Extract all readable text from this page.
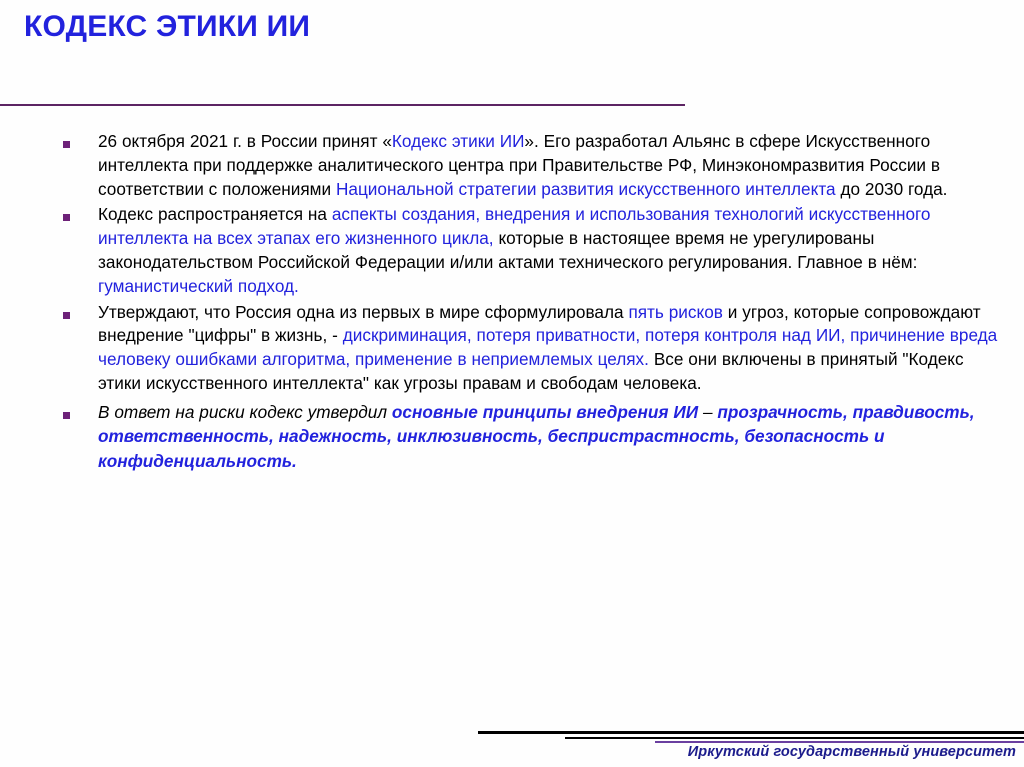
КОДЕКС ЭТИКИ ИИ
26 октября 2021 г. в России принят «Кодекс этики ИИ». Его разработал Альянс в сфере Искусственного интеллекта при поддержке аналитического центра при Правительстве РФ, Минэкономразвития России в соответствии с положениями Национальной стратегии развития искусственного интеллекта до 2030 года.
Кодекс распространяется на аспекты создания, внедрения и использования технологий искусственного интеллекта на всех этапах его жизненного цикла, которые в настоящее время не урегулированы законодательством Российской Федерации и/или актами технического регулирования. Главное в нём: гуманистический подход.
Утверждают, что Россия одна из первых в мире сформулировала пять рисков и угроз, которые сопровождают внедрение "цифры" в жизнь, - дискриминация, потеря приватности, потеря контроля над ИИ, причинение вреда человеку ошибками алгоритма, применение в неприемлемых целях. Все они включены в принятый "Кодекс этики искусственного интеллекта" как угрозы правам и свободам человека.
В ответ на риски кодекс утвердил основные принципы внедрения ИИ – прозрачность, правдивость, ответственность, надежность, инклюзивность, беспристрастность, безопасность и конфиденциальность.
Иркутский государственный университет
